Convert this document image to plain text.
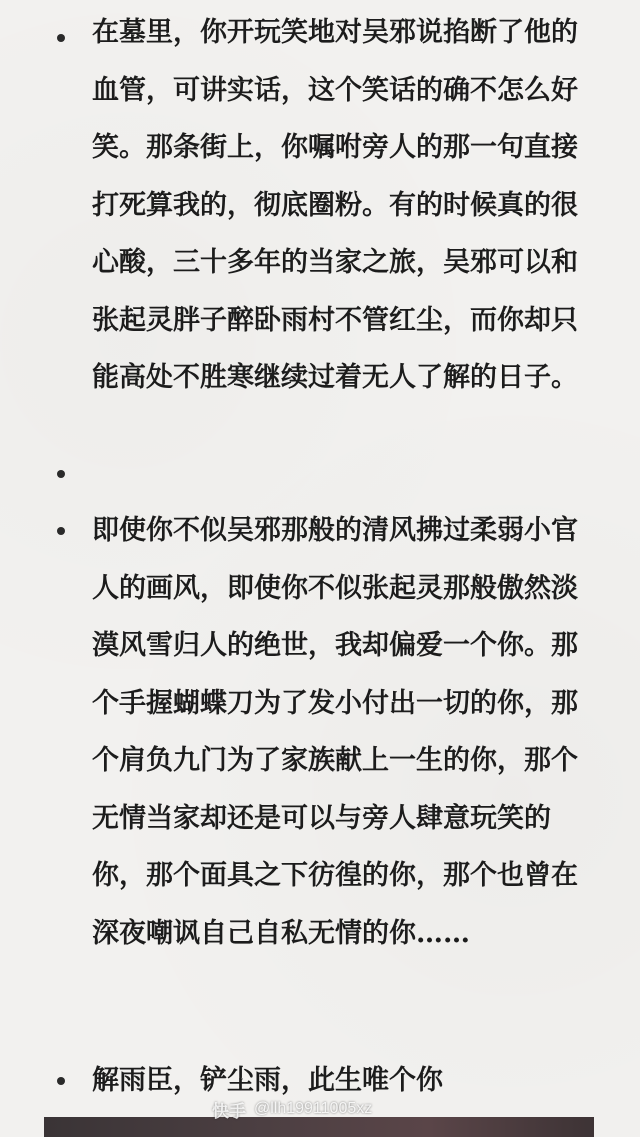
在墓里，你开玩笑地对吴邪说掐断了他的血管，可讲实话，这个笑话的确不怎么好笑。那条街上，你嘱咐旁人的那一句直接打死算我的，彻底圈粉。有的时候真的很心酸，三十多年的当家之旅，吴邪可以和张起灵胖子醉卧雨村不管红尘，而你却只能高处不胜寒继续过着无人了解的日子。
即使你不似吴邪那般的清风拂过柔弱小官人的画风，即使你不似张起灵那般傲然淡漠风雪归人的绝世，我却偏爱一个你。那个手握蝴蝶刀为了发小付出一切的你，那个肩负九门为了家族献上一生的你，那个无情当家却还是可以与旁人肆意玩笑的你，那个面具之下彷徨的你，那个也曾在深夜嘲讽自己自私无情的你……
解雨臣，铲尘雨，此生唯个你
快手 @llh19911005xz
